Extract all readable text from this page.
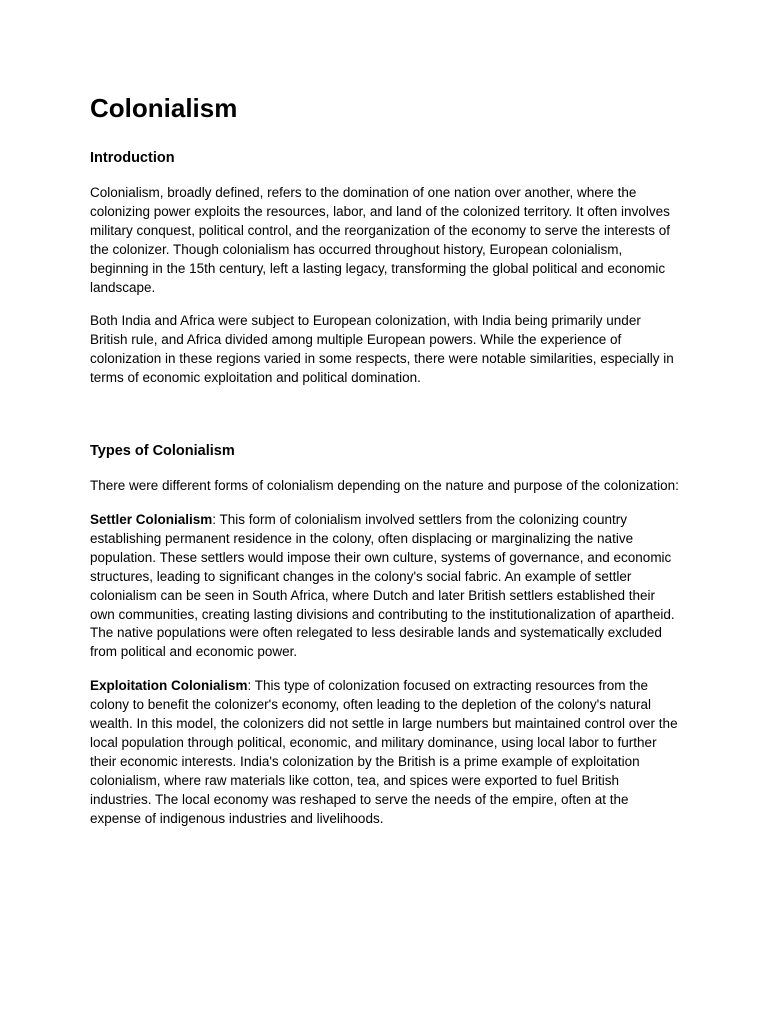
Colonialism
Introduction

Colonialism, broadly defined, refers to the domination of one nation over another, where the colonizing power exploits the resources, labor, and land of the colonized territory. It often involves military conquest, political control, and the reorganization of the economy to serve the interests of the colonizer. Though colonialism has occurred throughout history, European colonialism, beginning in the 15th century, left a lasting legacy, transforming the global political and economic landscape.

Both India and Africa were subject to European colonization, with India being primarily under British rule, and Africa divided among multiple European powers. While the experience of colonization in these regions varied in some respects, there were notable similarities, especially in terms of economic exploitation and political domination.

Types of Colonialism

There were different forms of colonialism depending on the nature and purpose of the colonization:

Settler Colonialism: This form of colonialism involved settlers from the colonizing country establishing permanent residence in the colony, often displacing or marginalizing the native population. These settlers would impose their own culture, systems of governance, and economic structures, leading to significant changes in the colony's social fabric. An example of settler colonialism can be seen in South Africa, where Dutch and later British settlers established their own communities, creating lasting divisions and contributing to the institutionalization of apartheid. The native populations were often relegated to less desirable lands and systematically excluded from political and economic power.

Exploitation Colonialism: This type of colonization focused on extracting resources from the colony to benefit the colonizer's economy, often leading to the depletion of the colony's natural wealth. In this model, the colonizers did not settle in large numbers but maintained control over the local population through political, economic, and military dominance, using local labor to further their economic interests. India's colonization by the British is a prime example of exploitation colonialism, where raw materials like cotton, tea, and spices were exported to fuel British industries. The local economy was reshaped to serve the needs of the empire, often at the expense of indigenous industries and livelihoods.
